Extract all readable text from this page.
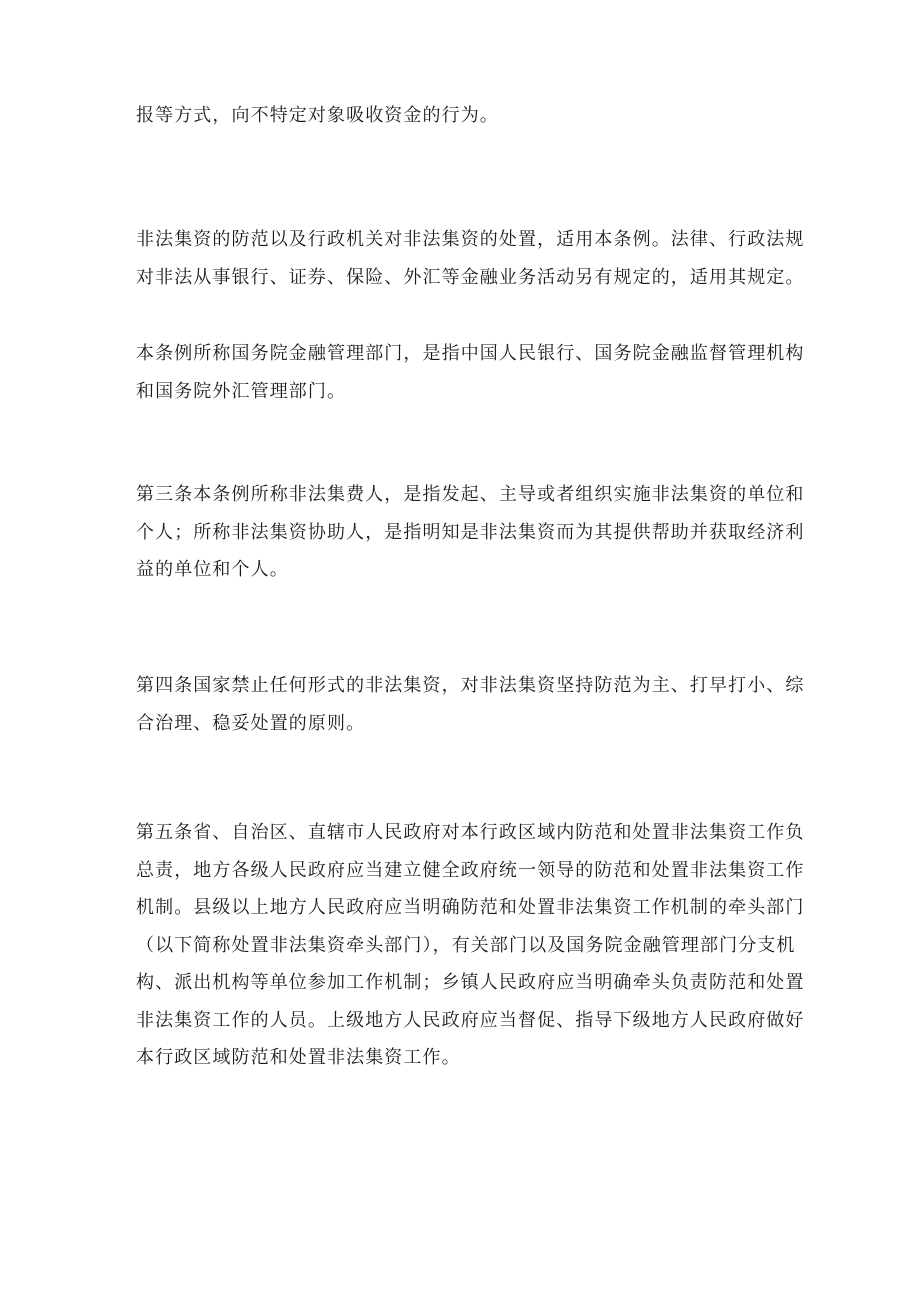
报等方式，向不特定对象吸收资金的行为。

非法集资的防范以及行政机关对非法集资的处置，适用本条例。法律、行政法规
对非法从事银行、证券、保险、外汇等金融业务活动另有规定的，适用其规定。

本条例所称国务院金融管理部门，是指中国人民银行、国务院金融监督管理机构
和国务院外汇管理部门。

第三条本条例所称非法集费人，是指发起、主导或者组织实施非法集资的单位和
个人；所称非法集资协助人，是指明知是非法集资而为其提供帮助并获取经济利
益的单位和个人。

第四条国家禁止任何形式的非法集资，对非法集资坚持防范为主、打早打小、综
合治理、稳妥处置的原则。

第五条省、自治区、直辖市人民政府对本行政区域内防范和处置非法集资工作负
总责，地方各级人民政府应当建立健全政府统一领导的防范和处置非法集资工作
机制。县级以上地方人民政府应当明确防范和处置非法集资工作机制的牵头部门
（以下简称处置非法集资牵头部门），有关部门以及国务院金融管理部门分支机
构、派出机构等单位参加工作机制；乡镇人民政府应当明确牵头负责防范和处置
非法集资工作的人员。上级地方人民政府应当督促、指导下级地方人民政府做好
本行政区域防范和处置非法集资工作。
